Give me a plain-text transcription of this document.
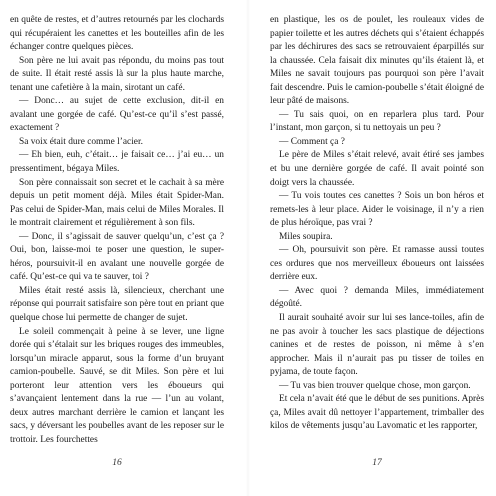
en quête de restes, et d’autres retournés par les clochards qui récupéraient les canettes et les bouteilles afin de les échanger contre quelques pièces.

Son père ne lui avait pas répondu, du moins pas tout de suite. Il était resté assis là sur la plus haute marche, tenant une cafetière à la main, sirotant un café.

— Donc… au sujet de cette exclusion, dit-il en avalant une gorgée de café. Qu’est-ce qu’il s’est passé, exactement ?

Sa voix était dure comme l’acier.

— Eh bien, euh, c’était… je faisait ce… j’ai eu… un pressentiment, bégaya Miles.

Son père connaissait son secret et le cachait à sa mère depuis un petit moment déjà. Miles était Spider-Man. Pas celui de Spider-Man, mais celui de Miles Morales. Il le montrait clairement et régulièrement à son fils.

— Donc, il s’agissait de sauver quelqu’un, c’est ça ? Oui, bon, laisse-moi te poser une question, le super-héros, poursuivit-il en avalant une nouvelle gorgée de café. Qu’est-ce qui va te sauver, toi ?

Miles était resté assis là, silencieux, cherchant une réponse qui pourrait satisfaire son père tout en priant que quelque chose lui permette de changer de sujet.

Le soleil commençait à peine à se lever, une ligne dorée qui s’étalait sur les briques rouges des immeubles, lorsqu’un miracle apparut, sous la forme d’un bruyant camion-poubelle. Sauvé, se dit Miles. Son père et lui porteront leur attention vers les éboueurs qui s’avançaient lentement dans la rue — l’un au volant, deux autres marchant derrière le camion et lançant les sacs, y déversant les poubelles avant de les reposer sur le trottoir. Les fourchettes

16

en plastique, les os de poulet, les rouleaux vides de papier toilette et les autres déchets qui s’étaient échappés par les déchirures des sacs se retrouvaient éparpillés sur la chaussée. Cela faisait dix minutes qu’ils étaient là, et Miles ne savait toujours pas pourquoi son père l’avait fait descendre. Puis le camion-poubelle s’était éloigné de leur pâté de maisons.

— Tu sais quoi, on en reparlera plus tard. Pour l’instant, mon garçon, si tu nettoyais un peu ?

— Comment ça ?

Le père de Miles s’était relevé, avait étiré ses jambes et bu une dernière gorgée de café. Il avait pointé son doigt vers la chaussée.

— Tu vois toutes ces canettes ? Sois un bon héros et remets-les à leur place. Aider le voisinage, il n’y a rien de plus héroïque, pas vrai ?

Miles soupira.

— Oh, poursuivit son père. Et ramasse aussi toutes ces ordures que nos merveilleux éboueurs ont laissées derrière eux.

— Avec quoi ? demanda Miles, immédiatement dégoûté.

Il aurait souhaité avoir sur lui ses lance-toiles, afin de ne pas avoir à toucher les sacs plastique de déjections canines et de restes de poisson, ni même à s’en approcher. Mais il n’aurait pas pu tisser de toiles en pyjama, de toute façon.

— Tu vas bien trouver quelque chose, mon garçon.

Et cela n’avait été que le début de ses punitions. Après ça, Miles avait dû nettoyer l’appartement, trimballer des kilos de vêtements jusqu’au Lavomatic et les rapporter,

17
